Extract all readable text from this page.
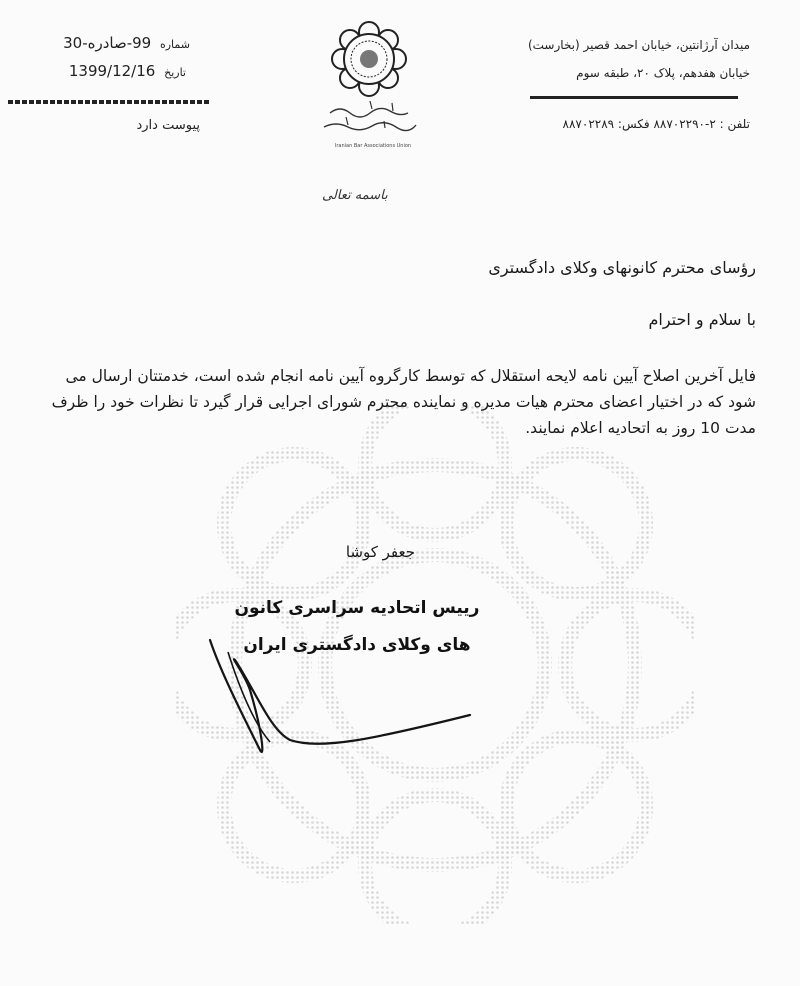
میدان آرژانتین، خیابان احمد قصیر (بخارست)
خیابان هفدهم، پلاک ۲۰، طبقه سوم
تلفن : ۲-۸۸۷۰۲۲۹۰ فکس: ۸۸۷۰۲۲۸۹
شماره 99-صادره-30
تاریخ 1399/12/16
پیوست دارد
Iranian Bar Associations Union
باسمه تعالی
رؤسای محترم کانونهای وکلای دادگستری
با سلام و احترام
فایل آخرین اصلاح آیین نامه لایحه استقلال که توسط کارگروه آیین نامه انجام شده است، خدمتتان ارسال می شود که در اختیار اعضای محترم هیات مدیره و نماینده محترم شورای اجرایی قرار گیرد تا نظرات خود را ظرف مدت 10 روز به اتحادیه اعلام نمایند.
جعفر کوشا
رییس اتحادیه سراسری کانون
های وکلای دادگستری ایران
